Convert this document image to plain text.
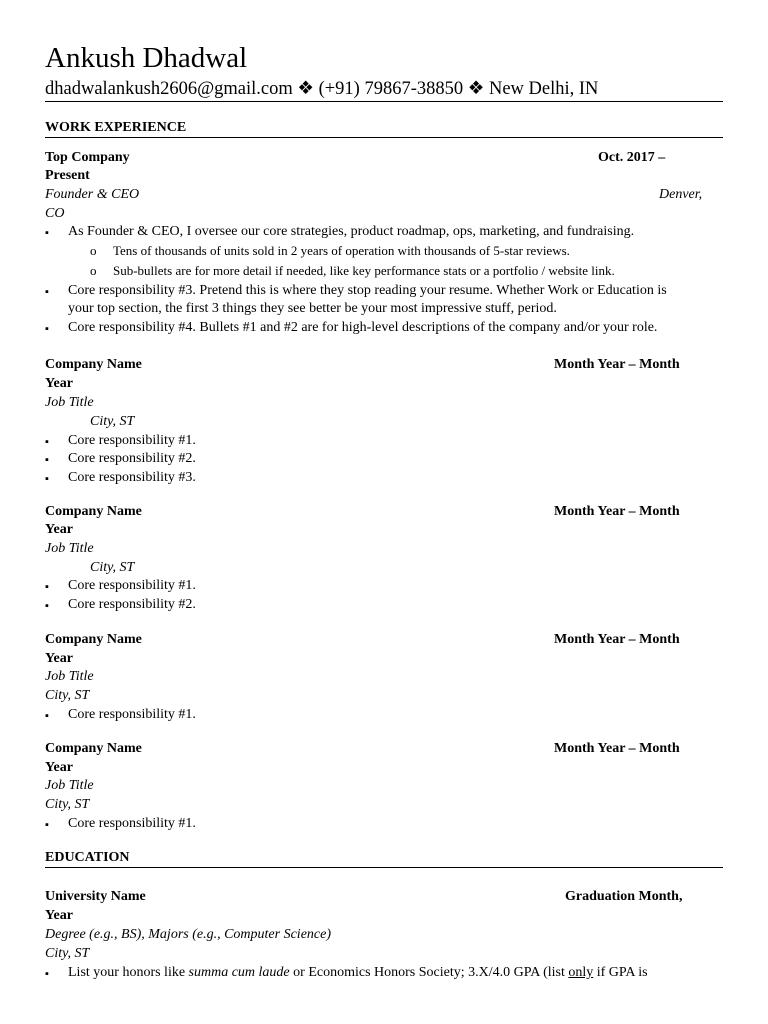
Ankush Dhadwal
dhadwalankush2606@gmail.com ❖ (+91) 79867-38850 ❖ New Delhi, IN
WORK EXPERIENCE
Top Company	Oct. 2017 –
Present
Founder & CEO	Denver,
CO
▪ As Founder & CEO, I oversee our core strategies, product roadmap, ops, marketing, and fundraising.
o Tens of thousands of units sold in 2 years of operation with thousands of 5-star reviews.
o Sub-bullets are for more detail if needed, like key performance stats or a portfolio / website link.
▪ Core responsibility #3. Pretend this is where they stop reading your resume. Whether Work or Education is
your top section, the first 3 things they see better be your most impressive stuff, period.
▪ Core responsibility #4. Bullets #1 and #2 are for high-level descriptions of the company and/or your role.
Company Name	Month Year – Month
Year
Job Title
City, ST
▪ Core responsibility #1.
▪ Core responsibility #2.
▪ Core responsibility #3.
Company Name	Month Year – Month
Year
Job Title
City, ST
▪ Core responsibility #1.
▪ Core responsibility #2.
Company Name	Month Year – Month
Year
Job Title
City, ST
▪ Core responsibility #1.
Company Name	Month Year – Month
Year
Job Title
City, ST
▪ Core responsibility #1.
EDUCATION
University Name	Graduation Month,
Year
Degree (e.g., BS), Majors (e.g., Computer Science)
City, ST
▪ List your honors like summa cum laude or Economics Honors Society; 3.X/4.0 GPA (list only if GPA is
